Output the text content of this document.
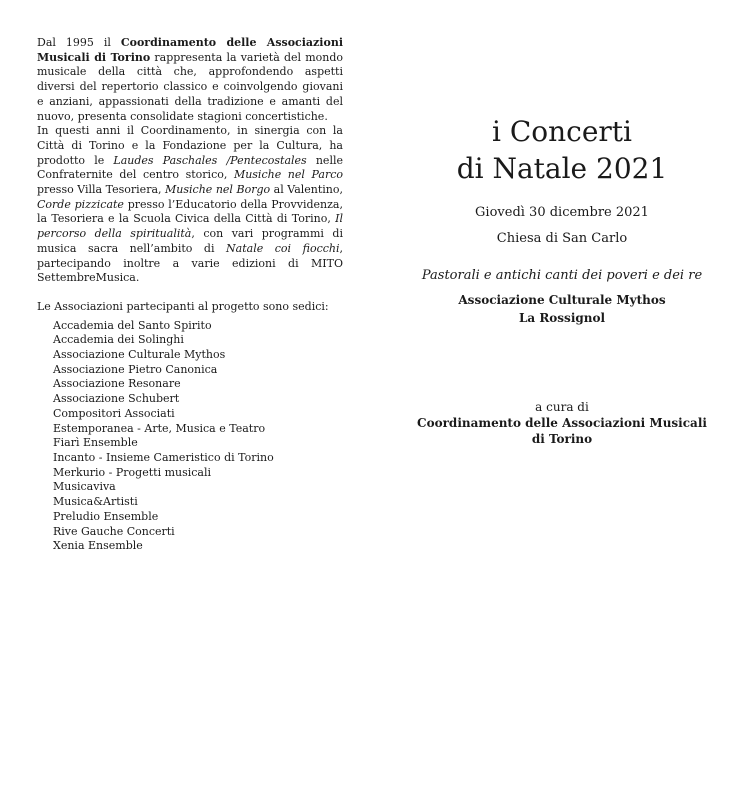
Dal 1995 il Coordinamento delle Associazioni Musicali di Torino rappresenta la varietà del mondo musicale della città che, approfondendo aspetti diversi del repertorio classico e coinvolgendo giovani e anziani, appassionati della tradizione e amanti del nuovo, presenta consolidate stagioni concertistiche.

In questi anni il Coordinamento, in sinergia con la Città di Torino e la Fondazione per la Cultura, ha prodotto le Laudes Paschales /Pentecostales nelle Confraternite del centro storico, Musiche nel Parco presso Villa Tesoriera, Musiche nel Borgo al Valentino, Corde pizzicate presso l’Educatorio della Provvidenza, la Tesoriera e la Scuola Civica della Città di Torino, Il percorso della spiritualità, con vari programmi di musica sacra nell’ambito di Natale coi fiocchi, partecipando inoltre a varie edizioni di MITO SettembreMusica.

Le Associazioni partecipanti al progetto sono sedici:
Accademia del Santo Spirito
Accademia dei Solinghi
Associazione Culturale Mythos
Associazione Pietro Canonica
Associazione Resonare
Associazione Schubert
Compositori Associati
Estemporanea - Arte, Musica e Teatro
Fiarì Ensemble
Incanto - Insieme Cameristico di Torino
Merkurio - Progetti musicali
Musicaviva
Musica&Artisti
Preludio Ensemble
Rive Gauche Concerti
Xenia Ensemble
i Concerti
di Natale 2021
Giovedì 30 dicembre 2021
Chiesa di San Carlo
Pastorali e antichi canti dei poveri e dei re
Associazione Culturale Mythos
La Rossignol
a cura di
Coordinamento delle Associazioni Musicali
di Torino
